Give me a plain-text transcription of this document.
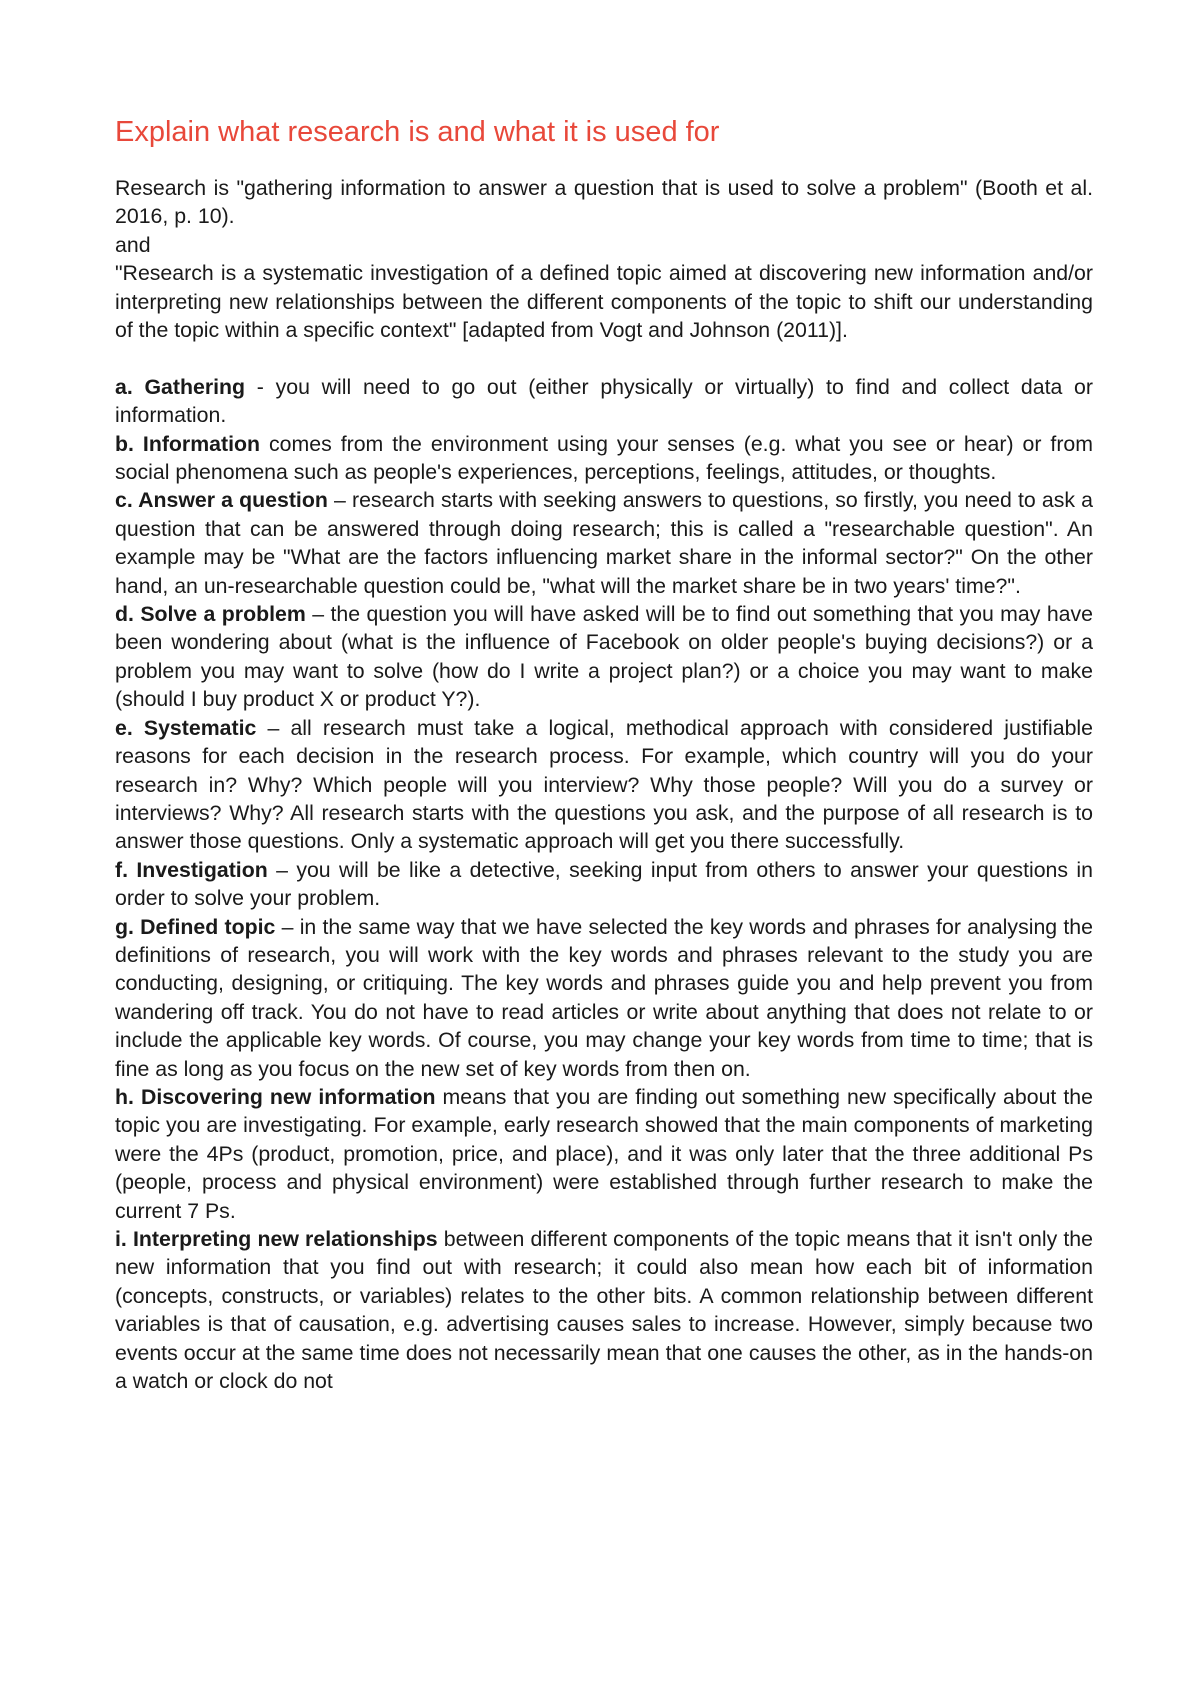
Explain what research is and what it is used for

Research is "gathering information to answer a question that is used to solve a problem" (Booth et al. 2016, p. 10).

and

"Research is a systematic investigation of a defined topic aimed at discovering new information and/or interpreting new relationships between the different components of the topic to shift our understanding of the topic within a specific context" [adapted from Vogt and Johnson (2011)].

a. Gathering - you will need to go out (either physically or virtually) to find and collect data or information.

b. Information comes from the environment using your senses (e.g. what you see or hear) or from social phenomena such as people's experiences, perceptions, feelings, attitudes, or thoughts.

c. Answer a question – research starts with seeking answers to questions, so firstly, you need to ask a question that can be answered through doing research; this is called a "researchable question". An example may be "What are the factors influencing market share in the informal sector?" On the other hand, an un-researchable question could be, "what will the market share be in two years' time?".

d. Solve a problem – the question you will have asked will be to find out something that you may have been wondering about (what is the influence of Facebook on older people's buying decisions?) or a problem you may want to solve (how do I write a project plan?) or a choice you may want to make (should I buy product X or product Y?).

e. Systematic – all research must take a logical, methodical approach with considered justifiable reasons for each decision in the research process. For example, which country will you do your research in? Why? Which people will you interview? Why those people? Will you do a survey or interviews? Why? All research starts with the questions you ask, and the purpose of all research is to answer those questions. Only a systematic approach will get you there successfully.

f. Investigation – you will be like a detective, seeking input from others to answer your questions in order to solve your problem.

g. Defined topic – in the same way that we have selected the key words and phrases for analysing the definitions of research, you will work with the key words and phrases relevant to the study you are conducting, designing, or critiquing. The key words and phrases guide you and help prevent you from wandering off track. You do not have to read articles or write about anything that does not relate to or include the applicable key words. Of course, you may change your key words from time to time; that is fine as long as you focus on the new set of key words from then on.

h. Discovering new information means that you are finding out something new specifically about the topic you are investigating. For example, early research showed that the main components of marketing were the 4Ps (product, promotion, price, and place), and it was only later that the three additional Ps (people, process and physical environment) were established through further research to make the current 7 Ps.

i. Interpreting new relationships between different components of the topic means that it isn't only the new information that you find out with research; it could also mean how each bit of information (concepts, constructs, or variables) relates to the other bits. A common relationship between different variables is that of causation, e.g. advertising causes sales to increase. However, simply because two events occur at the same time does not necessarily mean that one causes the other, as in the hands-on a watch or clock do not
